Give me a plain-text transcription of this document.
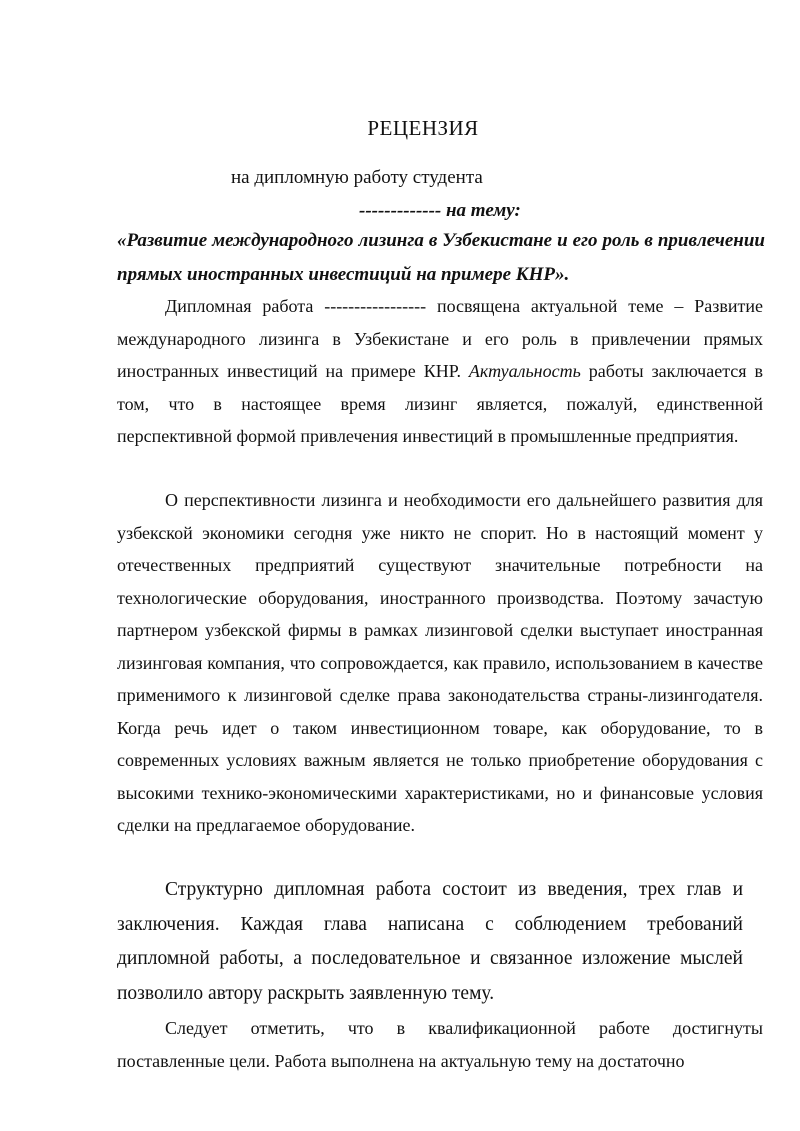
РЕЦЕНЗИЯ
на дипломную работу студента
------------- на тему:
«Развитие международного лизинга в Узбекистане и его роль в привлечении прямых иностранных инвестиций на примере КНР».
Дипломная работа ----------------- посвящена актуальной теме – Развитие международного лизинга в Узбекистане и его роль в привлечении прямых иностранных инвестиций на примере КНР. Актуальность работы заключается в том, что в настоящее время лизинг является, пожалуй, единственной перспективной формой привлечения инвестиций в промышленные предприятия.
О перспективности лизинга и необходимости его дальнейшего развития для узбекской экономики сегодня уже никто не спорит. Но в настоящий момент у отечественных предприятий существуют значительные потребности на технологические оборудования, иностранного производства. Поэтому зачастую партнером узбекской фирмы в рамках лизинговой сделки выступает иностранная лизинговая компания, что сопровождается, как правило, использованием в качестве применимого к лизинговой сделке права законодательства страны-лизингодателя. Когда речь идет о таком инвестиционном товаре, как оборудование, то в современных условиях важным является не только приобретение оборудования с высокими технико-экономическими характеристиками, но и финансовые условия сделки на предлагаемое оборудование.
Структурно дипломная работа состоит из введения, трех глав и заключения. Каждая глава написана с соблюдением требований дипломной работы, а последовательное и связанное изложение мыслей позволило автору раскрыть заявленную тему.
Следует отметить, что в квалификационной работе достигнуты поставленные цели. Работа выполнена на актуальную тему на достаточно
